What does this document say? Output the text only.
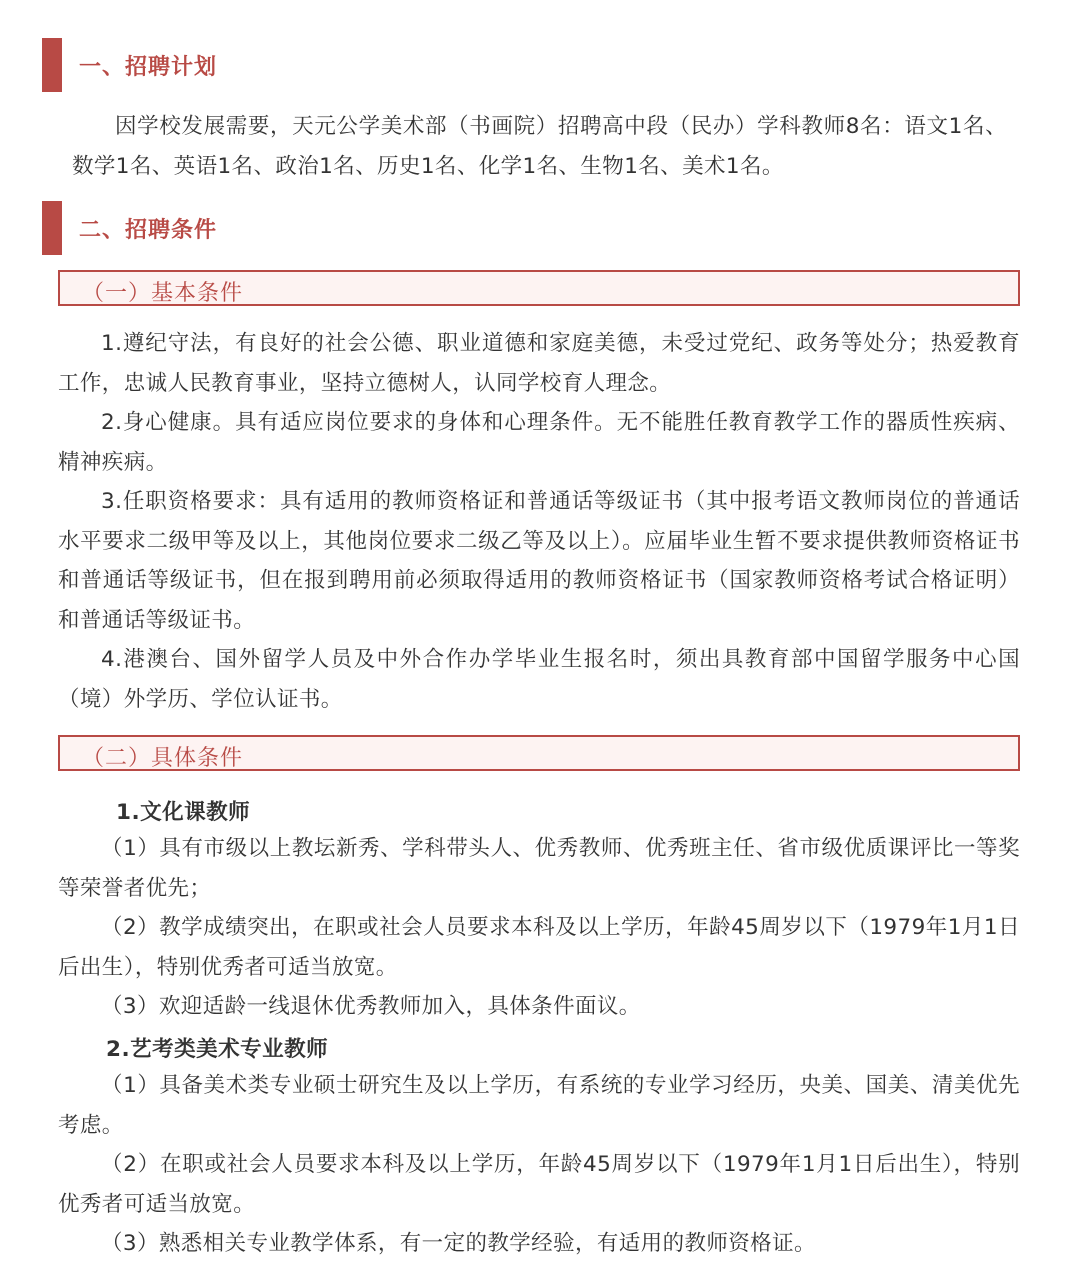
一、招聘计划

因学校发展需要，天元公学美术部（书画院）招聘高中段（民办）学科教师8名：语文1名、数学1名、英语1名、政治1名、历史1名、化学1名、生物1名、美术1名。

二、招聘条件
（一）基本条件

1.遵纪守法，有良好的社会公德、职业道德和家庭美德，未受过党纪、政务等处分；热爱教育工作，忠诚人民教育事业，坚持立德树人，认同学校育人理念。

2.身心健康。具有适应岗位要求的身体和心理条件。无不能胜任教育教学工作的器质性疾病、精神疾病。

3.任职资格要求：具有适用的教师资格证和普通话等级证书（其中报考语文教师岗位的普通话水平要求二级甲等及以上，其他岗位要求二级乙等及以上）。应届毕业生暂不要求提供教师资格证书和普通话等级证书，但在报到聘用前必须取得适用的教师资格证书（国家教师资格考试合格证明）和普通话等级证书。

4.港澳台、国外留学人员及中外合作办学毕业生报名时，须出具教育部中国留学服务中心国（境）外学历、学位认证书。

（二）具体条件
1.文化课教师

（1）具有市级以上教坛新秀、学科带头人、优秀教师、优秀班主任、省市级优质课评比一等奖等荣誉者优先；

（2）教学成绩突出，在职或社会人员要求本科及以上学历，年龄45周岁以下（1979年1月1日后出生），特别优秀者可适当放宽。

（3）欢迎适龄一线退休优秀教师加入，具体条件面议。

2.艺考类美术专业教师

（1）具备美术类专业硕士研究生及以上学历，有系统的专业学习经历，央美、国美、清美优先考虑。

（2）在职或社会人员要求本科及以上学历，年龄45周岁以下（1979年1月1日后出生），特别优秀者可适当放宽。

（3）熟悉相关专业教学体系，有一定的教学经验，有适用的教师资格证。
